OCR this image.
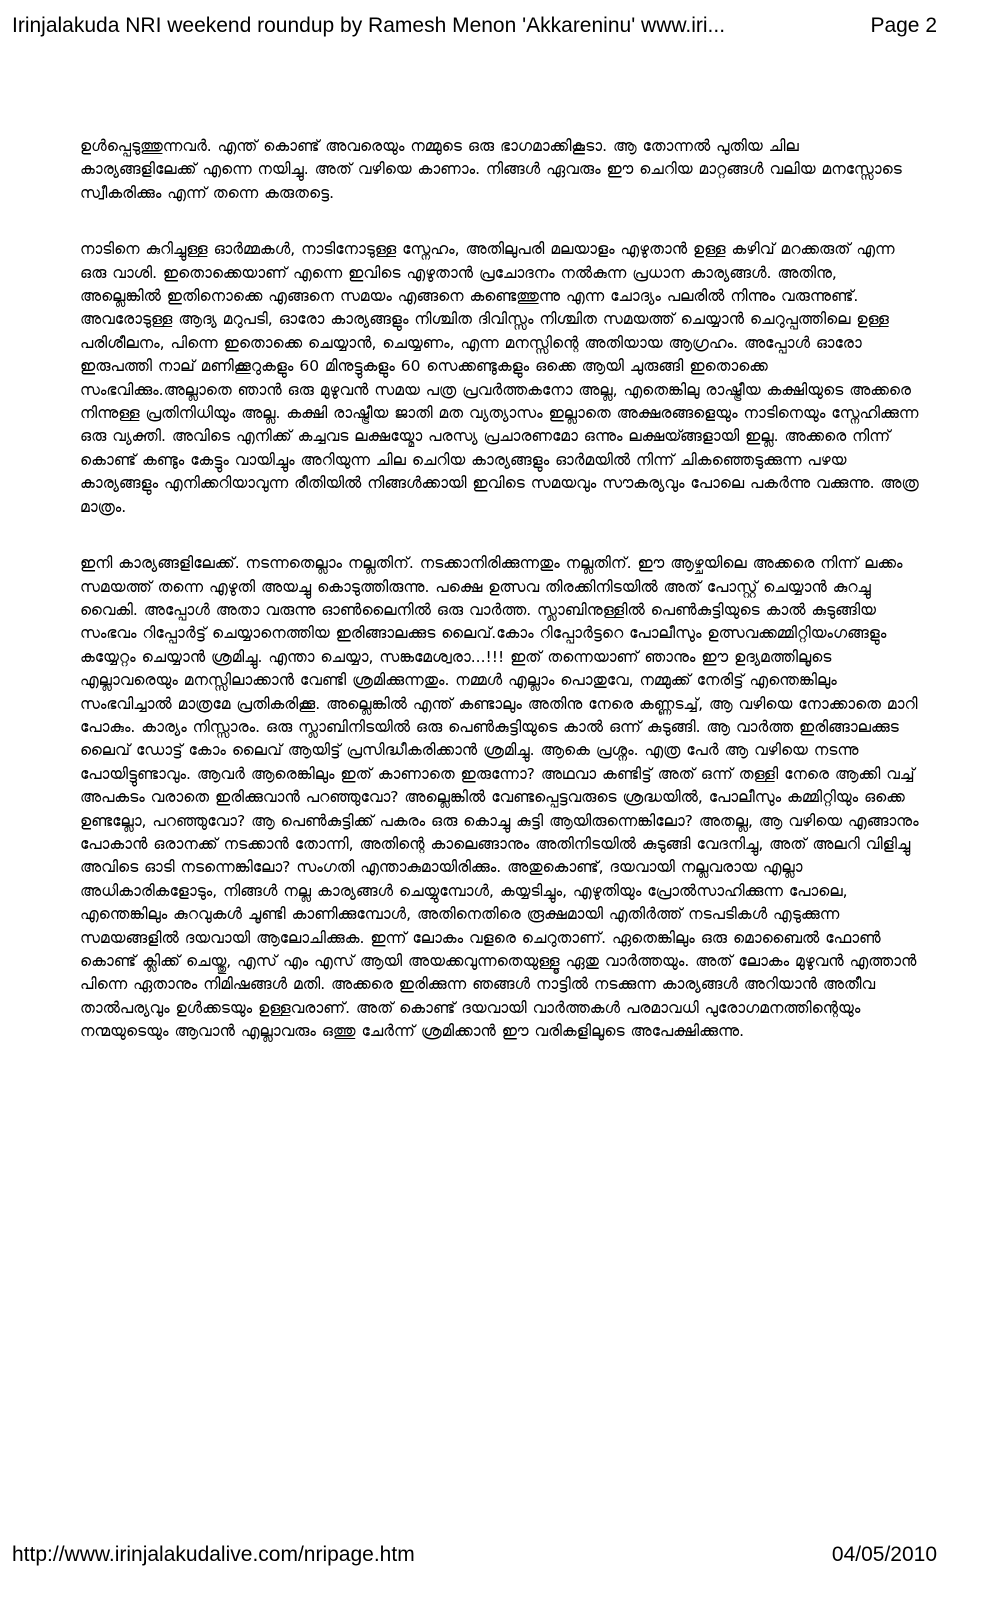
Irinjalakuda NRI weekend roundup by Ramesh Menon 'Akkareninu' www.iri...	Page 2

ഉള്‍പ്പെടുത്തുന്നവര്‍. എന്ത് കൊണ്ട് അവരെയും നമ്മുടെ ഒരു ഭാഗമാക്കികൂടാ. ആ തോന്നല്‍ പുതിയ ചില കാര്യങ്ങളിലേക്ക് എന്നെ നയിച്ചു. അത് വഴിയെ കാണാം. നിങ്ങള്‍ ഏവരും ഈ ചെറിയ മാറ്റങ്ങള്‍ വലിയ മനസ്സോടെ സ്വീകരിക്കും എന്ന് തന്നെ കരുതട്ടെ.

നാടിനെ കുറിച്ചുള്ള ഓര്‍മ്മകള്‍, നാടിനോടുള്ള സ്നേഹം, അതിലുപരി മലയാളം എഴുതാന്‍ ഉള്ള കഴിവ് മറക്കരുത് എന്ന ഒരു വാശി. ഇതൊക്കെയാണ് എന്നെ ഇവിടെ എഴുതാന്‍ പ്രചോദനം നല്‍കുന്ന പ്രധാന കാര്യങ്ങള്‍. അതിനു, അല്ലെങ്കില്‍ ഇതിനൊക്കെ എങ്ങനെ സമയം എങ്ങനെ കണ്ടെത്തുന്നു എന്ന ചോദ്യം പലരില്‍ നിന്നും വരുന്നുണ്ട്. അവരോടുള്ള ആദ്യ മറുപടി, ഓരോ കാര്യങ്ങളും നിശ്ചിത ദിവിസ്സം നിശ്ചിത സമയത്ത് ചെയ്യാന്‍ ചെറുപ്പത്തിലെ ഉള്ള പരിശീലനം, പിന്നെ ഇതൊക്കെ ചെയ്യാന്‍, ചെയ്യണം, എന്ന മനസ്സിന്റെ അതിയായ ആഗ്രഹം. അപ്പോള്‍ ഓരോ ഇരുപത്തി നാല് മണിക്കൂറുകളും 60 മിനുട്ടുകളും 60 സെക്കണ്ടുകളും ഒക്കെ ആയി ചുരുങ്ങി ഇതൊക്കെ സംഭവിക്കും.അല്ലാതെ ഞാന്‍ ഒരു മുഴുവന്‍ സമയ പത്ര പ്രവര്‍ത്തകനോ അല്ല, എതെങ്കിലു രാഷ്ട്രീയ കക്ഷിയുടെ അക്കരെ നിന്നുള്ള പ്രതിനിധിയും അല്ല. കക്ഷി രാഷ്ട്രീയ ജാതി മത വ്യത്യാസം ഇല്ലാതെ അക്ഷരങ്ങളെയും നാടിനെയും സ്നേഹിക്കുന്ന ഒരു വ്യക്തി. അവിടെ എനിക്ക് കച്ചവട ലക്ഷയ്മോ പരസ്യ പ്രചാരണമോ ഒന്നും ലക്ഷയ്ങ്ങളായി ഇല്ല. അക്കരെ നിന്ന് കൊണ്ട് കണ്ടും കേട്ടും വായിച്ചും അറിയുന്ന ചില ചെറിയ കാര്യങ്ങളും ഓര്‍മയില്‍ നിന്ന് ചികഞ്ഞെടുക്കുന്ന പഴയ കാര്യങ്ങളും എനിക്കറിയാവുന്ന രീതിയില്‍ നിങ്ങള്‍ക്കായി ഇവിടെ സമയവും സൗകര്യവും പോലെ പകര്‍ന്നു വക്കുന്നു. അത്ര മാത്രം.

ഇനി കാര്യങ്ങളിലേക്ക്. നടന്നതെല്ലാം നല്ലതിന്. നടക്കാനിരിക്കുന്നതും നല്ലതിന്. ഈ ആഴ്ചയിലെ അക്കരെ നിന്ന് ലക്കം സമയത്ത് തന്നെ എഴുതി അയച്ചു കൊടുത്തിരുന്നു. പക്ഷെ ഉത്സവ തിരക്കിനിടയില്‍ അത് പോസ്റ്റ് ചെയ്യാന്‍ കുറച്ചു വൈകി. അപ്പോള്‍ അതാ വരുന്നു ഓണ്‍ലൈനില്‍ ഒരു വാര്‍ത്ത. സ്ലാബിനുള്ളില്‍ പെണ്‍കുട്ടിയുടെ കാല്‍ കുടുങ്ങിയ സംഭവം റിപ്പോര്‍ട്ട് ചെയ്യാനെത്തിയ ഇരിങ്ങാലക്കുട ലൈവ്.കോം റിപ്പോര്‍ട്ടറെ പോലീസും ഉത്സവക്കമ്മിറ്റിയംഗങ്ങളും കയ്യേറ്റം ചെയ്യാന്‍ ശ്രമിച്ചു. എന്താ ചെയ്യാ, സങ്കമേശ്വരാ...!!! ഇത് തന്നെയാണ് ഞാനും ഈ ഉദ്യമത്തിലൂടെ എല്ലാവരെയും മനസ്സിലാക്കാന്‍ വേണ്ടി ശ്രമിക്കുന്നതും. നമ്മള്‍ എല്ലാം പൊതുവേ, നമ്മുക്ക് നേരിട്ട് എന്തെങ്കിലും സംഭവിച്ചാല്‍ മാത്രമേ പ്രതികരിക്കൂ. അല്ലെങ്കില്‍ എന്ത് കണ്ടാലും അതിനു നേരെ കണ്ണടച്ച്, ആ വഴിയെ നോക്കാതെ മാറി പോകും. കാര്യം നിസ്സാരം. ഒരു സ്ലാബിനിടയില്‍ ഒരു പെണ്‍കുട്ടിയുടെ കാല്‍ ഒന്ന് കുടുങ്ങി. ആ വാര്‍ത്ത ഇരിങ്ങാലക്കുട ലൈവ് ഡോട്ട് കോം ലൈവ് ആയിട്ട് പ്രസിദ്ധീകരിക്കാന്‍ ശ്രമിച്ചു. ആകെ പ്രശ്നം. എത്ര പേര്‍ ആ വഴിയെ നടന്നു പോയിട്ടുണ്ടാവും. ആവര്‍ ആരെങ്കിലും ഇത് കാണാതെ ഇരുന്നോ? അഥവാ കണ്ടിട്ട് അത് ഒന്ന് തള്ളി നേരെ ആക്കി വച്ച് അപകടം വരാതെ ഇരിക്കുവാന്‍ പറഞ്ഞുവോ? അല്ലെങ്കില്‍ വേണ്ടപ്പെട്ടവരുടെ ശ്രദ്ധയില്‍, പോലീസും കമ്മിറ്റിയും ഒക്കെ ഉണ്ടല്ലോ, പറഞ്ഞുവോ? ആ പെണ്‍കുട്ടിക്ക് പകരം ഒരു കൊച്ചു കുട്ടി ആയിരുന്നെങ്കിലോ? അതല്ല, ആ വഴിയെ എങ്ങാനും പോകാന്‍ ഒരാനക്ക് നടക്കാന്‍ തോന്നി, അതിന്റെ കാലെങ്ങാനും അതിനിടയില്‍ കുടുങ്ങി വേദനിച്ചു, അത് അലറി വിളിച്ചു അവിടെ ഓടി നടന്നെങ്കിലോ? സംഗതി എന്താകുമായിരിക്കും. അതുകൊണ്ട്, ദയവായി നല്ലവരായ എല്ലാ അധികാരികളോടും, നിങ്ങള്‍ നല്ല കാര്യങ്ങള്‍ ചെയ്യുമ്പോള്‍, കയ്യടിച്ചും, എഴുതിയും പ്രോല്‍സാഹിക്കുന്ന പോലെ, എന്തെങ്കിലും കുറവുകള്‍ ചൂണ്ടി കാണിക്കുമ്പോള്‍, അതിനെതിരെ രൂക്ഷമായി എതിര്‍ത്ത് നടപടികള്‍ എടുക്കുന്ന സമയങ്ങളില്‍ ദയവായി ആലോചിക്കുക. ഇന്ന് ലോകം വളരെ ചെറുതാണ്. ഏതെങ്കിലും ഒരു മൊബൈല്‍ ഫോണ്‍ കൊണ്ട് ക്ലിക്ക് ചെയ്തു, എസ് എം എസ് ആയി അയക്കവുന്നതെയുള്ളൂ ഏതു വാര്‍ത്തയും. അത് ലോകം മുഴുവന്‍ എത്താന്‍ പിന്നെ ഏതാനും നിമിഷങ്ങള്‍ മതി. അക്കരെ ഇരിക്കുന്ന ഞങ്ങള്‍ നാട്ടില്‍ നടക്കുന്ന കാര്യങ്ങള്‍ അറിയാന്‍ അതീവ താല്‍പര്യവും ഉള്‍ക്കടയും ഉള്ളവരാണ്. അത് കൊണ്ട് ദയവായി വാര്‍ത്തകള്‍ പരമാവധി പുരോഗമനത്തിന്റെയും നന്മയുടെയും ആവാന്‍ എല്ലാവരും ഒത്തു ചേര്‍ന്ന് ശ്രമിക്കാന്‍ ഈ വരികളിലൂടെ അപേക്ഷിക്കുന്നു.

http://www.irinjalakudalive.com/nripage.htm	04/05/2010
